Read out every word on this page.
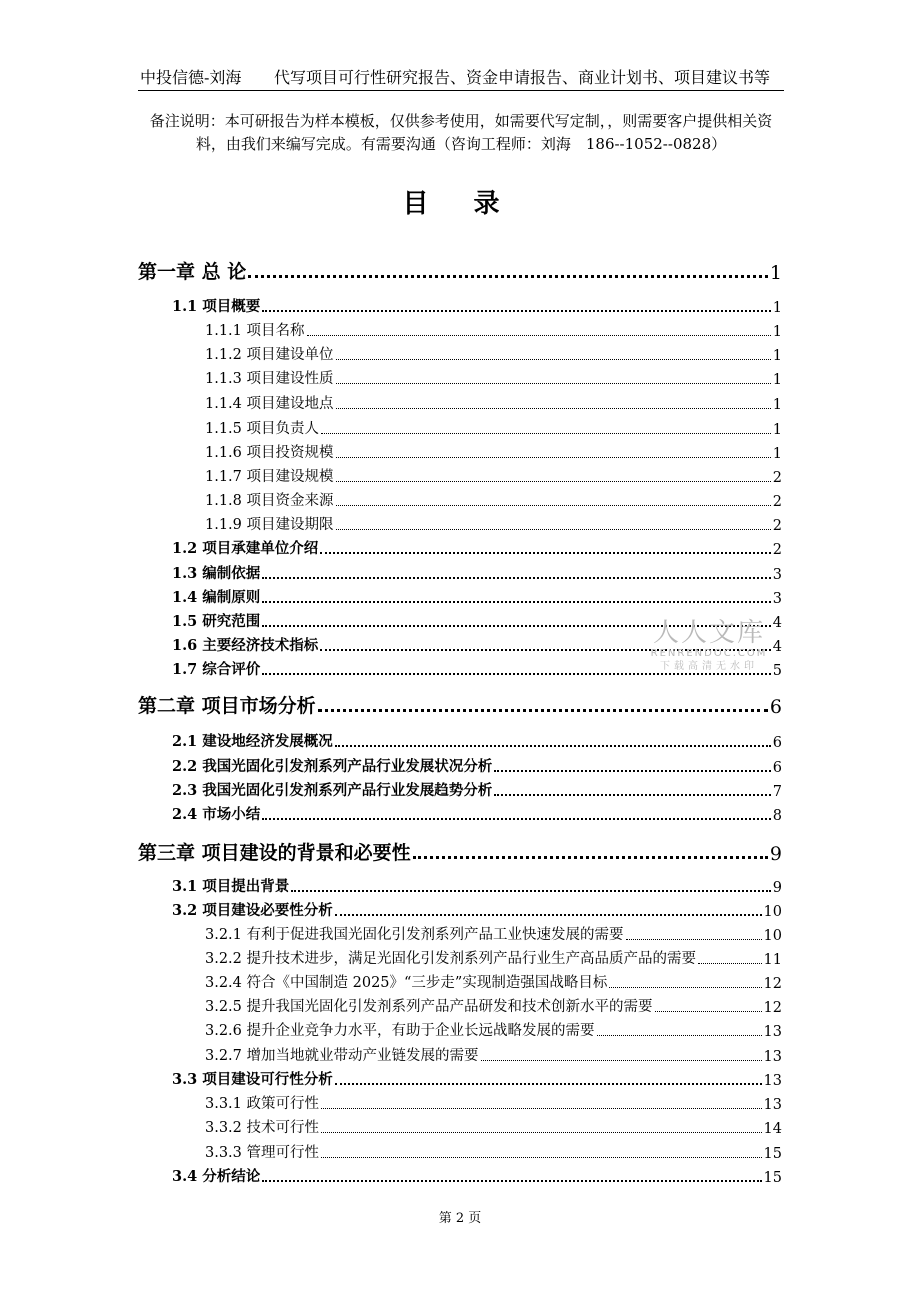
中投信德-刘海 代写项目可行性研究报告、资金申请报告、商业计划书、项目建议书等
备注说明：本可研报告为样本模板，仅供参考使用，如需要代写定制，，则需要客户提供相关资料，由我们来编写完成。有需要沟通（咨询工程师：刘海　186--1052--0828）
目 录
第一章 总 论	1
1.1 项目概要	1
1.1.1 项目名称	1
1.1.2 项目建设单位	1
1.1.3 项目建设性质	1
1.1.4 项目建设地点	1
1.1.5 项目负责人	1
1.1.6 项目投资规模	1
1.1.7 项目建设规模	2
1.1.8 项目资金来源	2
1.1.9 项目建设期限	2
1.2 项目承建单位介绍	2
1.3 编制依据	3
1.4 编制原则	3
1.5 研究范围	4
1.6 主要经济技术指标	4
1.7 综合评价	5
第二章 项目市场分析	6
2.1 建设地经济发展概况	6
2.2 我国光固化引发剂系列产品行业发展状况分析	6
2.3 我国光固化引发剂系列产品行业发展趋势分析	7
2.4 市场小结	8
第三章 项目建设的背景和必要性	9
3.1 项目提出背景	9
3.2 项目建设必要性分析	10
3.2.1 有利于促进我国光固化引发剂系列产品工业快速发展的需要	10
3.2.2 提升技术进步，满足光固化引发剂系列产品行业生产高品质产品的需要	11
3.2.4 符合《中国制造 2025》“三步走”实现制造强国战略目标	12
3.2.5 提升我国光固化引发剂系列产品产品研发和技术创新水平的需要	12
3.2.6 提升企业竞争力水平，有助于企业长远战略发展的需要	13
3.2.7 增加当地就业带动产业链发展的需要	13
3.3 项目建设可行性分析	13
3.3.1 政策可行性	13
3.3.2 技术可行性	14
3.3.3 管理可行性	15
3.4 分析结论	15
人人文库
RENRENDOC.COM
下载高清无水印
第 2 页
